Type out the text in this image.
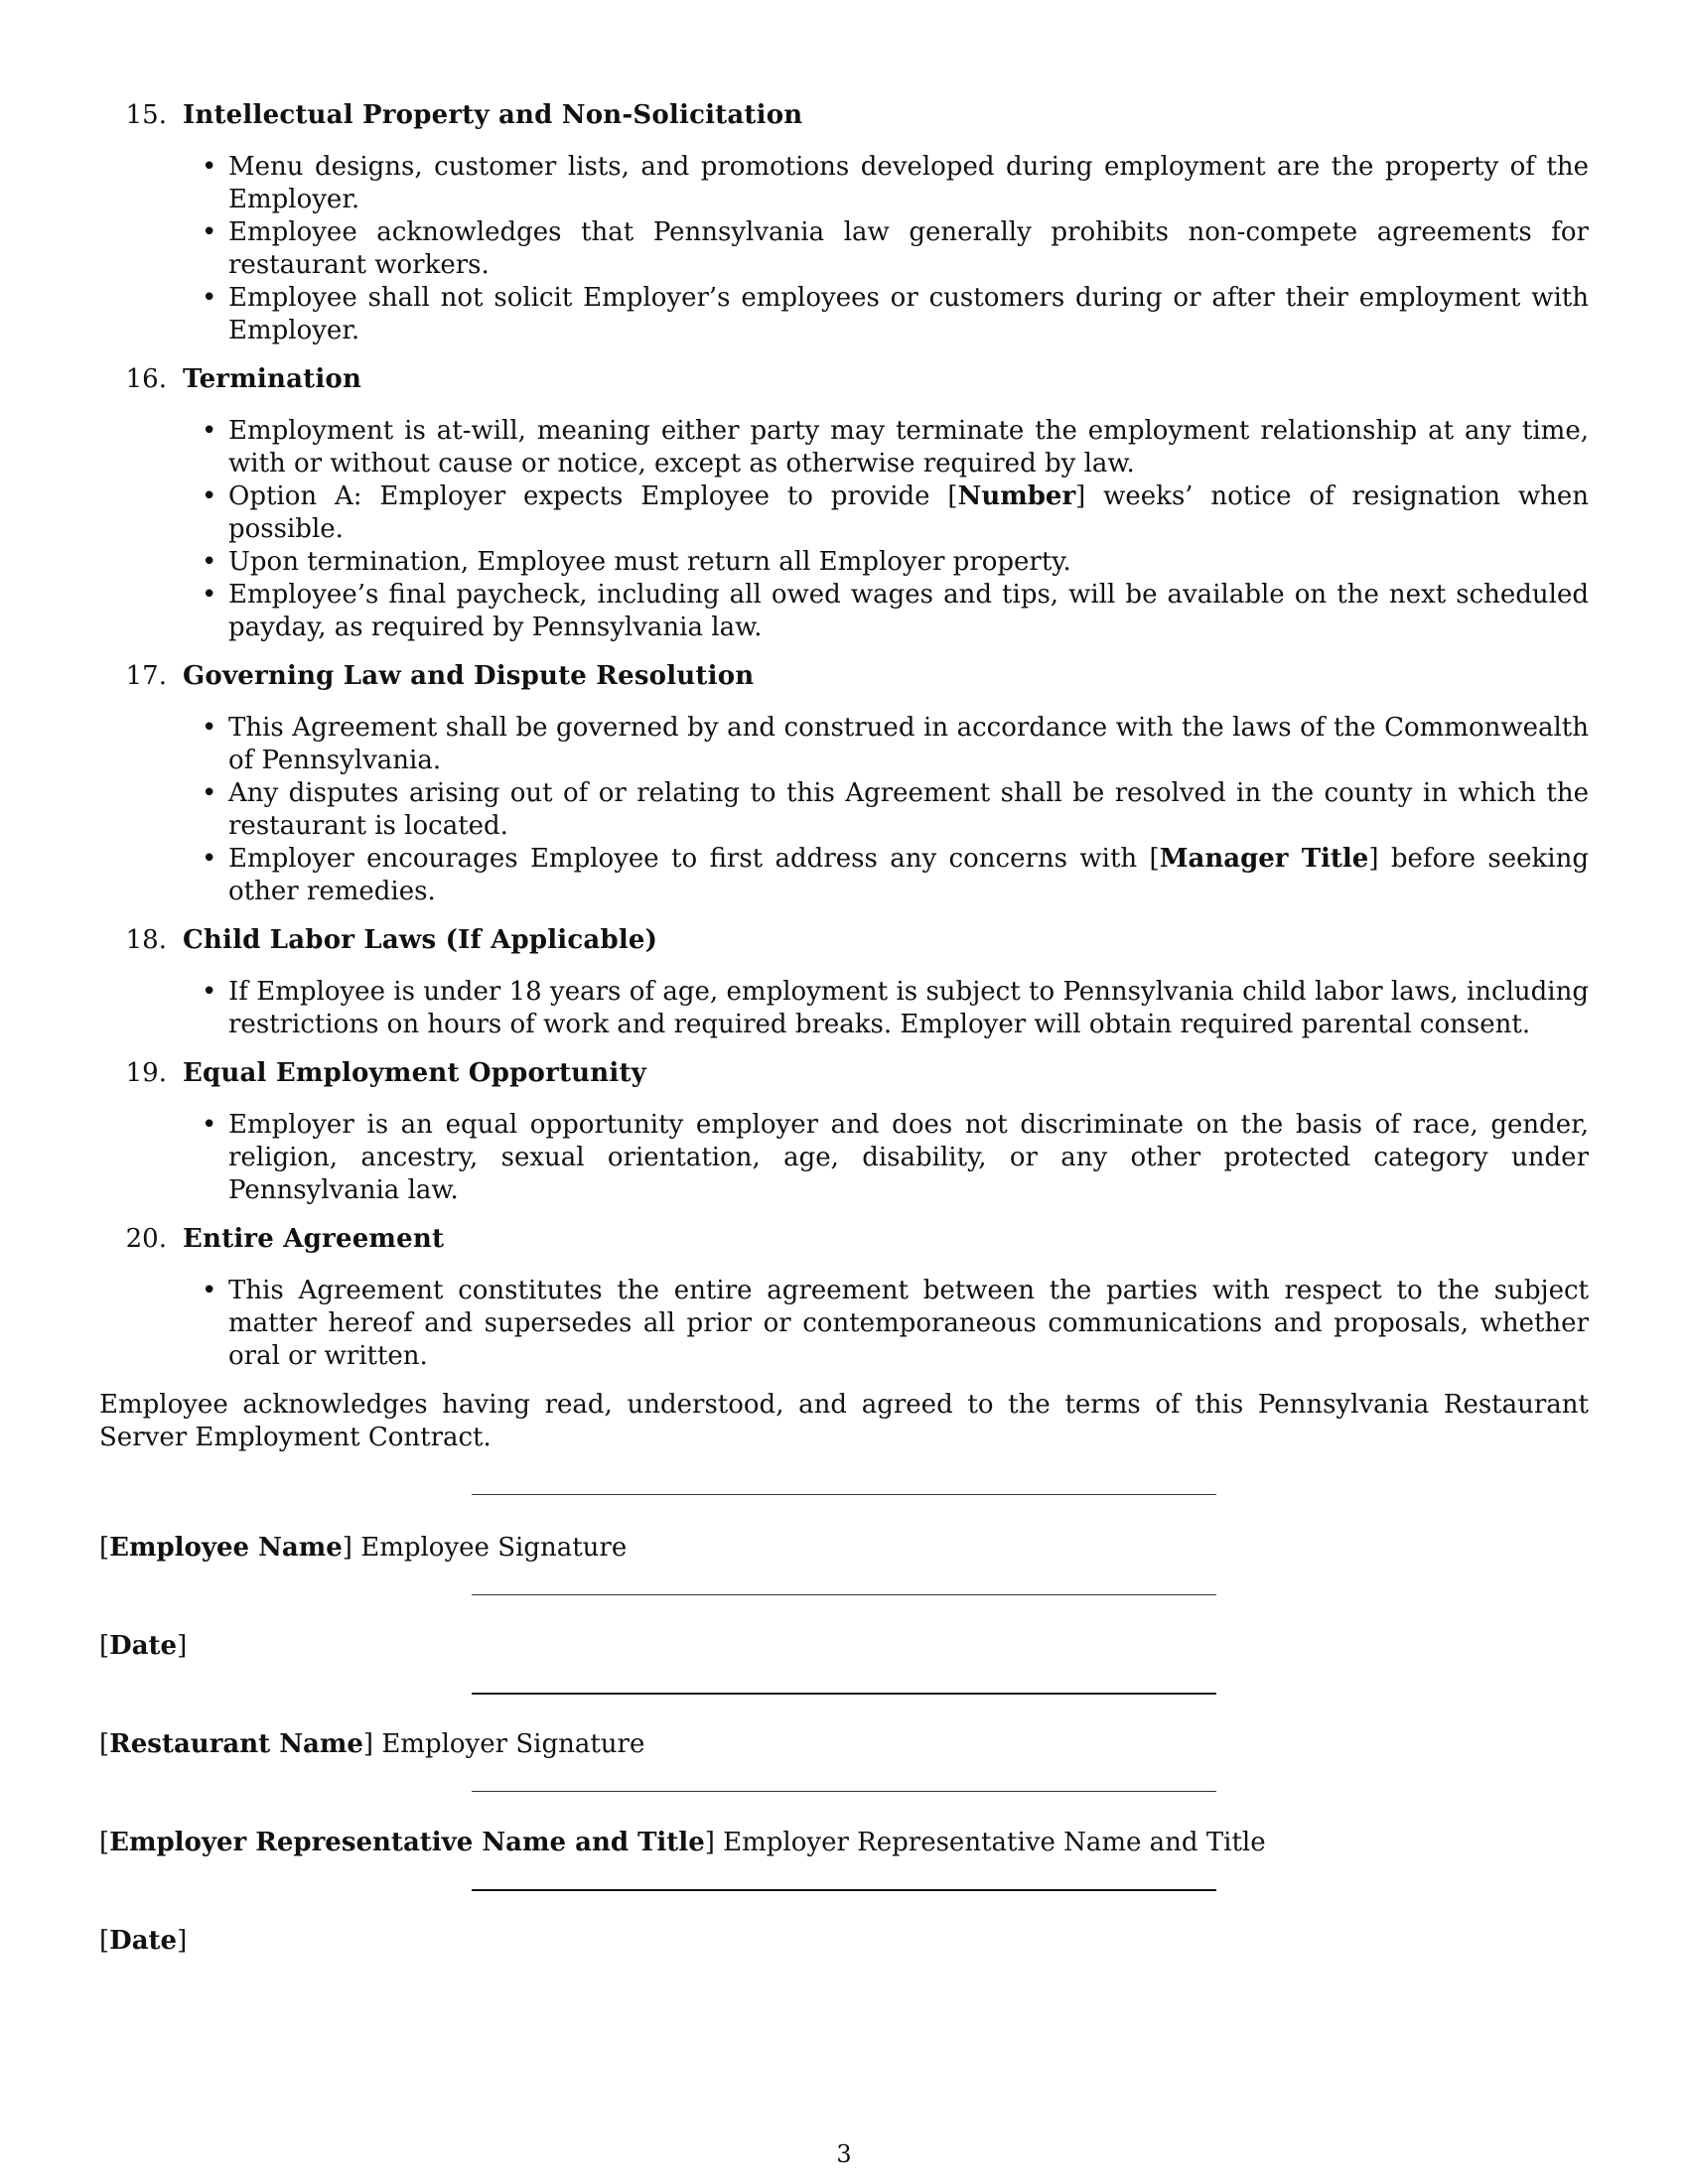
15. Intellectual Property and Non-Solicitation
• Menu designs, customer lists, and promotions developed during employment are the property of the Employer.
• Employee acknowledges that Pennsylvania law generally prohibits non-compete agreements for restaurant workers.
• Employee shall not solicit Employer’s employees or customers during or after their employment with Employer.
16. Termination
• Employment is at-will, meaning either party may terminate the employment relationship at any time, with or without cause or notice, except as otherwise required by law.
• Option A: Employer expects Employee to provide [Number] weeks’ notice of resignation when possible.
• Upon termination, Employee must return all Employer property.
• Employee’s final paycheck, including all owed wages and tips, will be available on the next scheduled payday, as required by Pennsylvania law.
17. Governing Law and Dispute Resolution
• This Agreement shall be governed by and construed in accordance with the laws of the Commonwealth of Pennsylvania.
• Any disputes arising out of or relating to this Agreement shall be resolved in the county in which the restaurant is located.
• Employer encourages Employee to first address any concerns with [Manager Title] before seeking other remedies.
18. Child Labor Laws (If Applicable)
• If Employee is under 18 years of age, employment is subject to Pennsylvania child labor laws, including restrictions on hours of work and required breaks. Employer will obtain required parental consent.
19. Equal Employment Opportunity
• Employer is an equal opportunity employer and does not discriminate on the basis of race, gender, religion, ancestry, sexual orientation, age, disability, or any other protected category under Pennsylvania law.
20. Entire Agreement
• This Agreement constitutes the entire agreement between the parties with respect to the subject matter hereof and supersedes all prior or contemporaneous communications and proposals, whether oral or written.
Employee acknowledges having read, understood, and agreed to the terms of this Pennsylvania Restaurant Server Employment Contract.
[Employee Name] Employee Signature
[Date]
[Restaurant Name] Employer Signature
[Employer Representative Name and Title] Employer Representative Name and Title
[Date]
3
